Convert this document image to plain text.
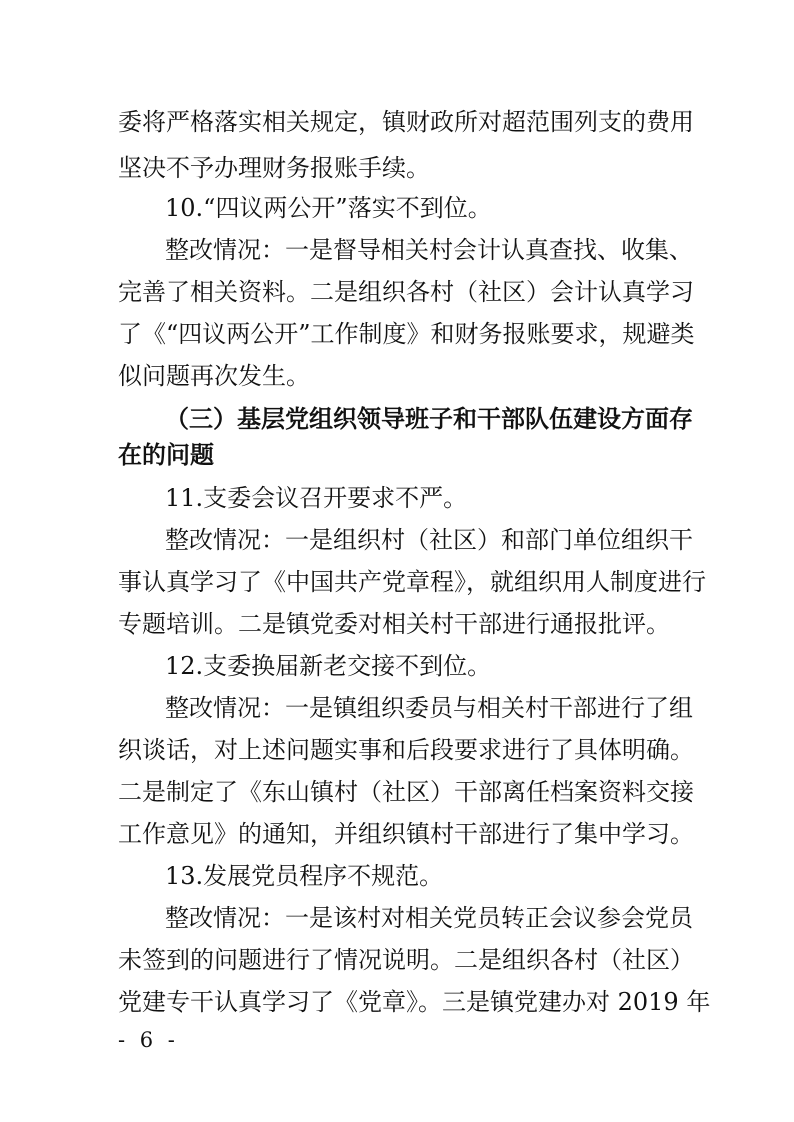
委将严格落实相关规定，镇财政所对超范围列支的费用
坚决不予办理财务报账手续。
10.“四议两公开”落实不到位。
整改情况：一是督导相关村会计认真查找、收集、
完善了相关资料。二是组织各村（社区）会计认真学习
了《“四议两公开”工作制度》和财务报账要求，规避类
似问题再次发生。
（三）基层党组织领导班子和干部队伍建设方面存
在的问题
11.支委会议召开要求不严。
整改情况：一是组织村（社区）和部门单位组织干
事认真学习了《中国共产党章程》，就组织用人制度进行
专题培训。二是镇党委对相关村干部进行通报批评。
12.支委换届新老交接不到位。
整改情况：一是镇组织委员与相关村干部进行了组
织谈话，对上述问题实事和后段要求进行了具体明确。
二是制定了《东山镇村（社区）干部离任档案资料交接
工作意见》的通知，并组织镇村干部进行了集中学习。
13.发展党员程序不规范。
整改情况：一是该村对相关党员转正会议参会党员
未签到的问题进行了情况说明。二是组织各村（社区）
党建专干认真学习了《党章》。三是镇党建办对 2019 年
- 6 -
